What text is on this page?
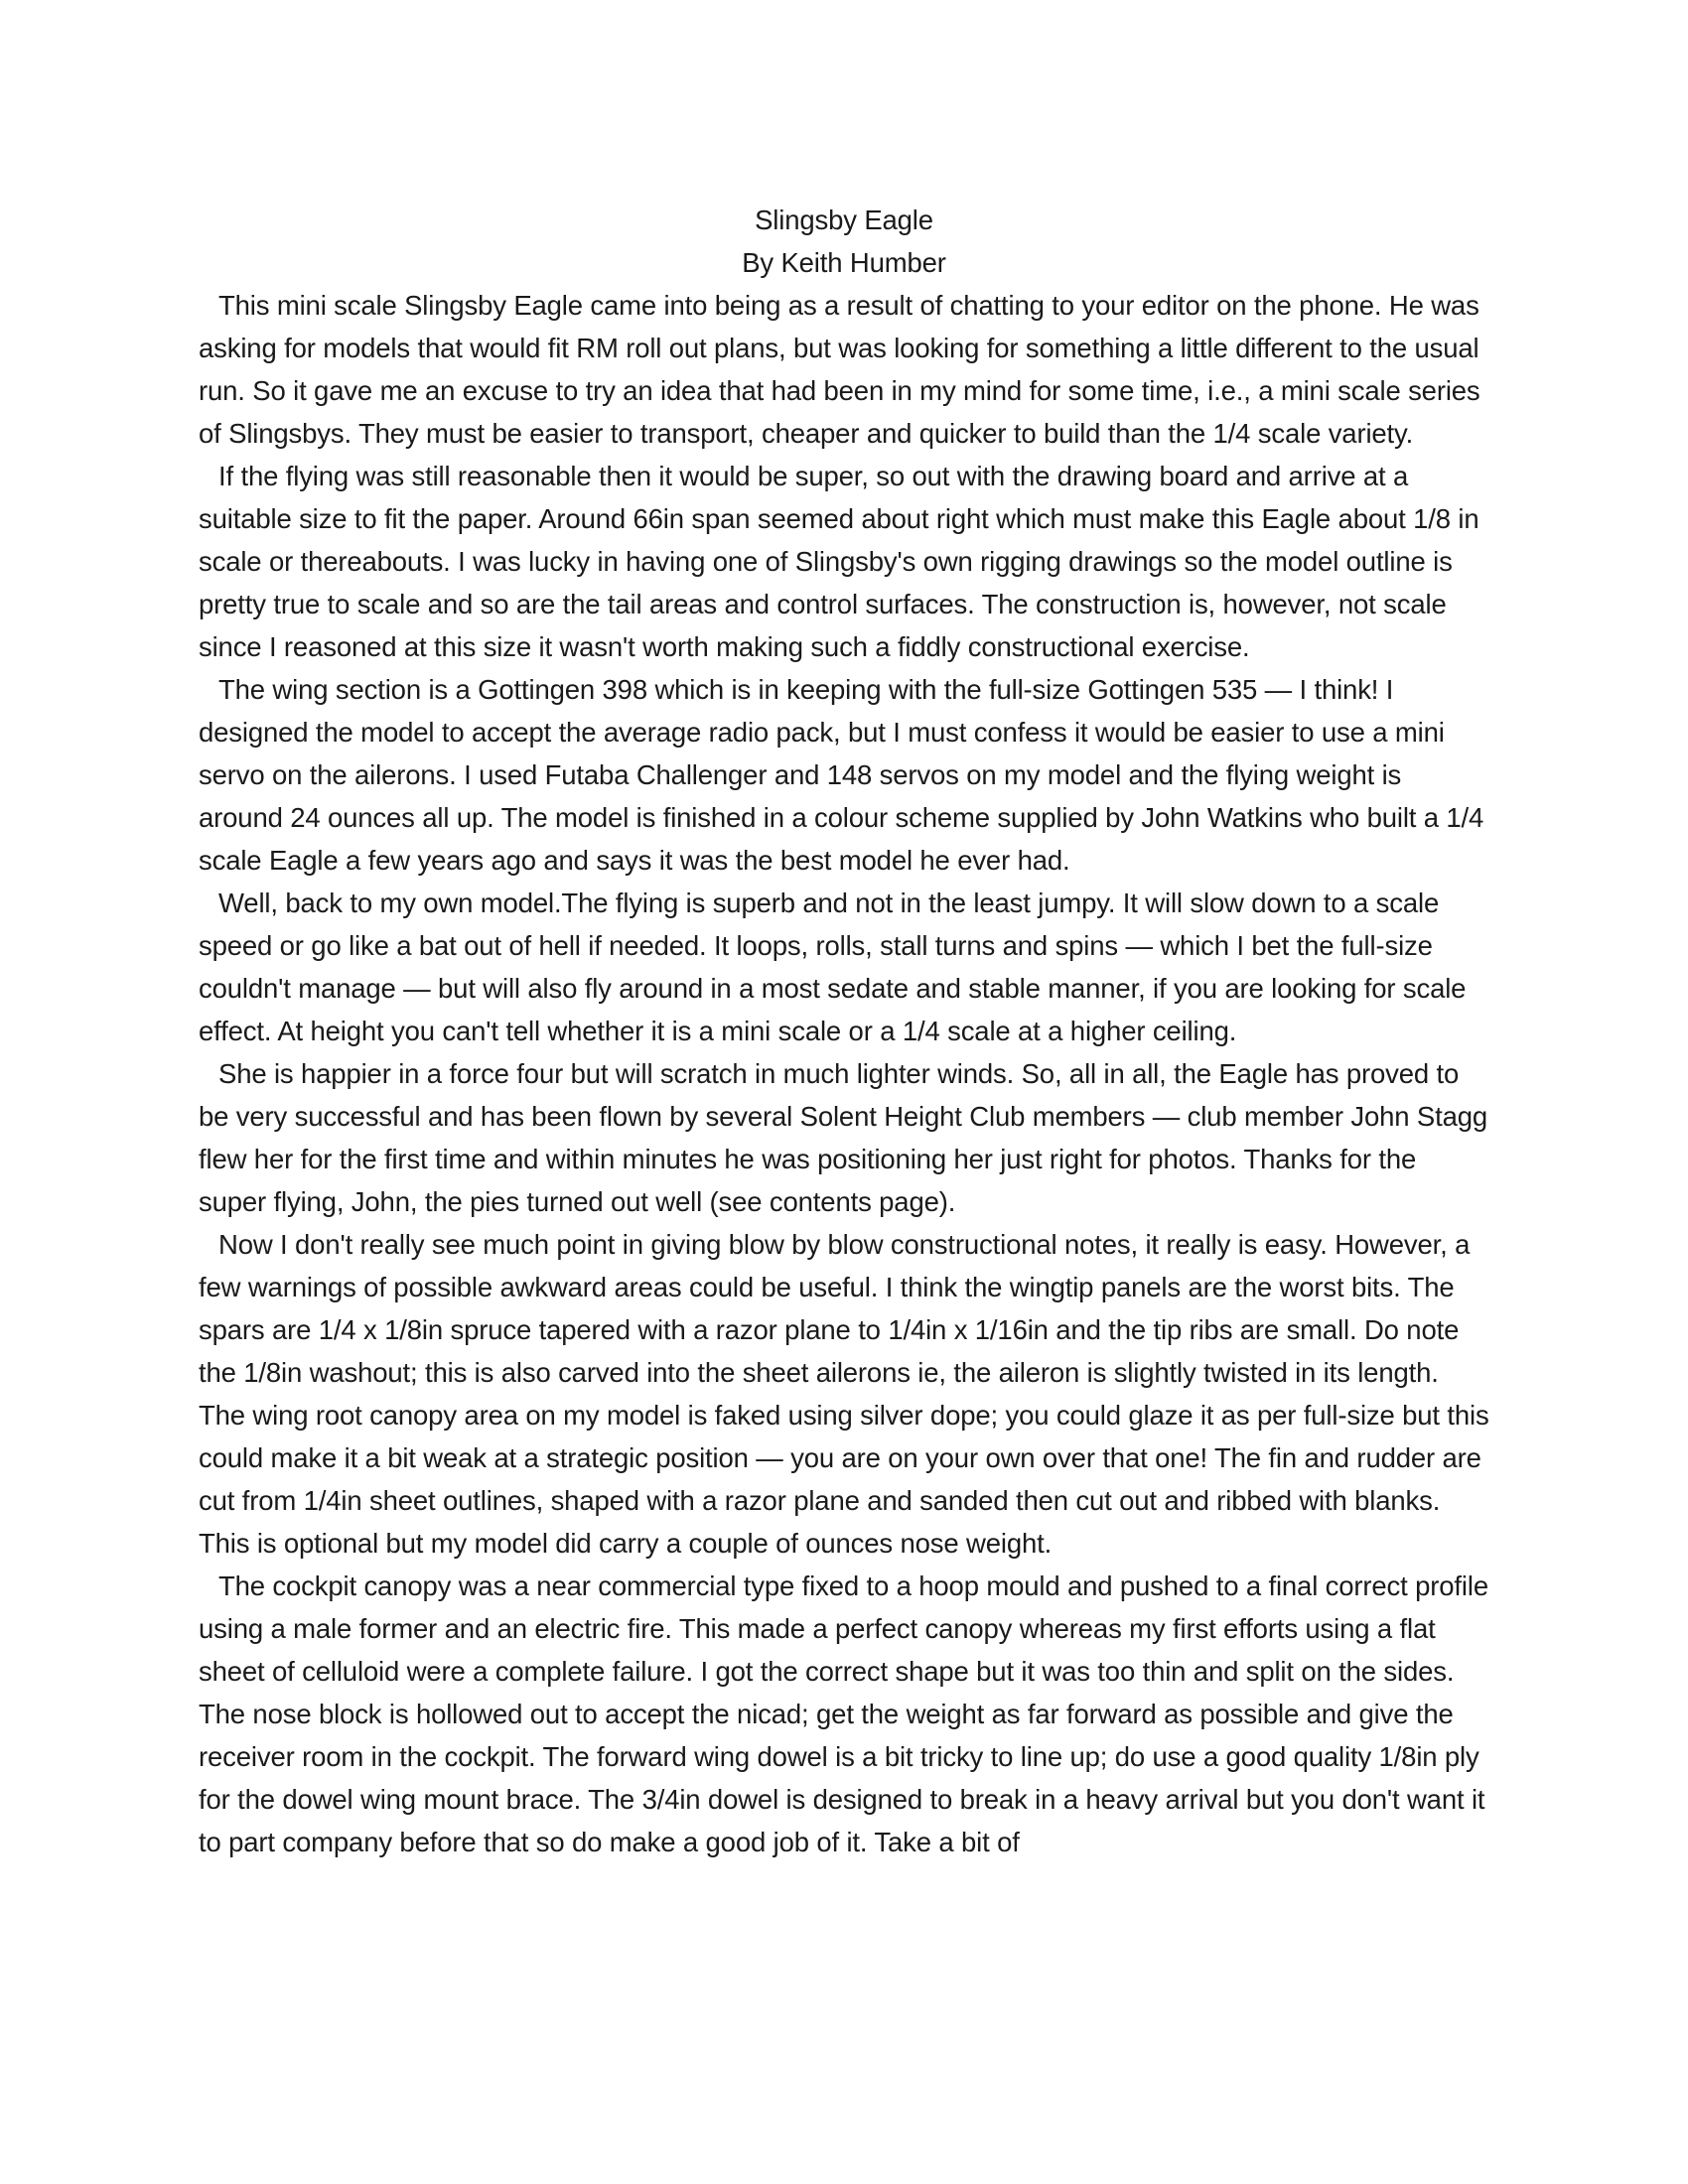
Slingsby Eagle

By Keith Humber

This mini scale Slingsby Eagle came into being as a result of chatting to your editor on the phone. He was asking for models that would fit RM roll out plans, but was looking for something a little different to the usual run. So it gave me an excuse to try an idea that had been in my mind for some time, i.e., a mini scale series of Slingsbys. They must be easier to transport, cheaper and quicker to build than the 1/4 scale variety.

If the flying was still reasonable then it would be super, so out with the drawing board and arrive at a suitable size to fit the paper. Around 66in span seemed about right which must make this Eagle about 1/8 in scale or thereabouts. I was lucky in having one of Slingsby's own rigging drawings so the model outline is pretty true to scale and so are the tail areas and control surfaces. The construction is, however, not scale since I reasoned at this size it wasn't worth making such a fiddly constructional exercise.

The wing section is a Gottingen 398 which is in keeping with the full-size Gottingen 535 — I think! I designed the model to accept the average radio pack, but I must confess it would be easier to use a mini servo on the ailerons. I used Futaba Challenger and 148 servos on my model and the flying weight is around 24 ounces all up. The model is finished in a colour scheme supplied by John Watkins who built a 1/4 scale Eagle a few years ago and says it was the best model he ever had.

Well, back to my own model.The flying is superb and not in the least jumpy. It will slow down to a scale speed or go like a bat out of hell if needed. It loops, rolls, stall turns and spins — which I bet the full-size couldn't manage — but will also fly around in a most sedate and stable manner, if you are looking for scale effect. At height you can't tell whether it is a mini scale or a 1/4 scale at a higher ceiling.

She is happier in a force four but will scratch in much lighter winds. So, all in all, the Eagle has proved to be very successful and has been flown by several Solent Height Club members — club member John Stagg flew her for the first time and within minutes he was positioning her just right for photos. Thanks for the super flying, John, the pies turned out well (see contents page).

Now I don't really see much point in giving blow by blow constructional notes, it really is easy. However, a few warnings of possible awkward areas could be useful. I think the wingtip panels are the worst bits. The spars are 1/4 x 1/8in spruce tapered with a razor plane to 1/4in x 1/16in and the tip ribs are small. Do note the 1/8in washout; this is also carved into the sheet ailerons ie, the aileron is slightly twisted in its length. The wing root canopy area on my model is faked using silver dope; you could glaze it as per full-size but this could make it a bit weak at a strategic position — you are on your own over that one! The fin and rudder are cut from 1/4in sheet outlines, shaped with a razor plane and sanded then cut out and ribbed with blanks. This is optional but my model did carry a couple of ounces nose weight.

The cockpit canopy was a near commercial type fixed to a hoop mould and pushed to a final correct profile using a male former and an electric fire. This made a perfect canopy whereas my first efforts using a flat sheet of celluloid were a complete failure. I got the correct shape but it was too thin and split on the sides. The nose block is hollowed out to accept the nicad; get the weight as far forward as possible and give the receiver room in the cockpit. The forward wing dowel is a bit tricky to line up; do use a good quality 1/8in ply for the dowel wing mount brace. The 3/4in dowel is designed to break in a heavy arrival but you don't want it to part company before that so do make a good job of it. Take a bit of
